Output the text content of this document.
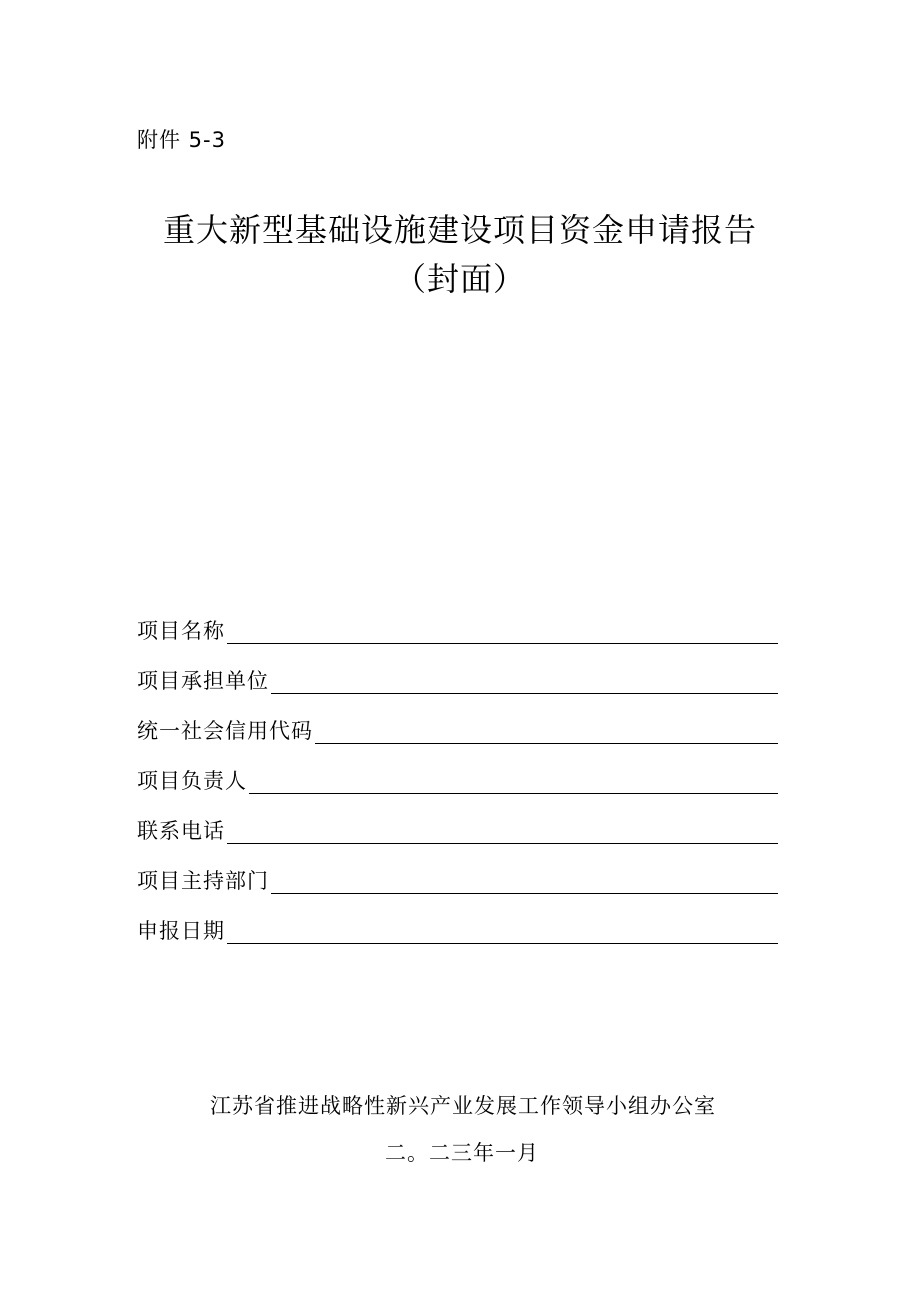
附件 5-3
重大新型基础设施建设项目资金申请报告
（封面）
项目名称
项目承担单位
统一社会信用代码
项目负责人
联系电话
项目主持部门
申报日期
江苏省推进战略性新兴产业发展工作领导小组办公室
二。二三年一月
